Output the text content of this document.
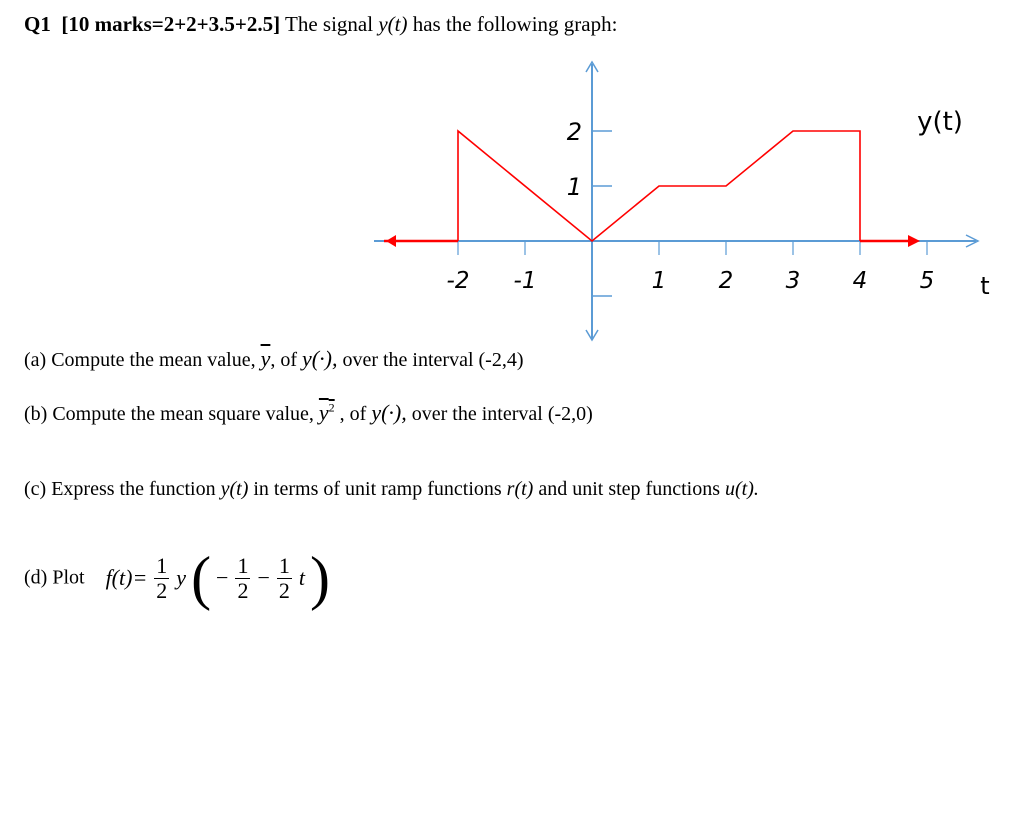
Q1 [10 marks=2+2+3.5+2.5] The signal y(t) has the following graph:
-2 -1	1 2 3 4 5
2
1
y(t)
t
(a) Compute the mean value, $\overline{y}$, of y(·), over the interval (-2,4)
(b) Compute the mean square value, $y^2$ , of y(·), over the interval (-2,0)
(c) Express the function y(t) in terms of unit ramp functions r(t) and unit step functions u(t).
(d) Plot $f(t)= \frac{1}{2}$ y ( − $\frac{1}{2} - \frac{1}{2}$ t )
